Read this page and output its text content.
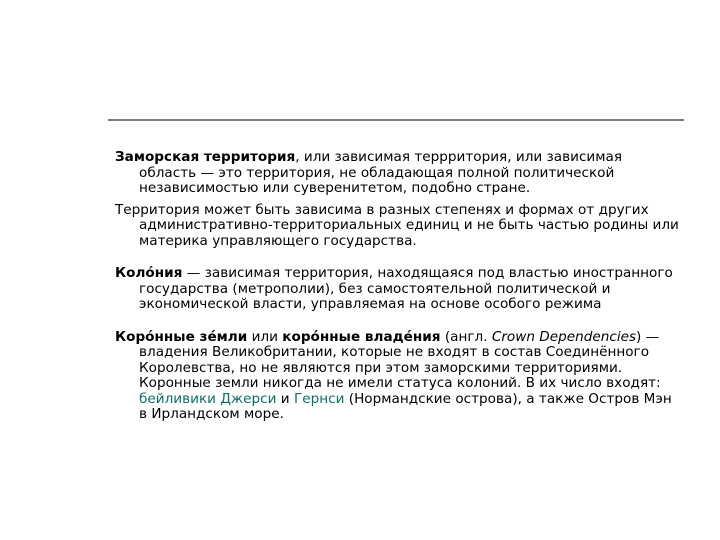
Заморская территория, или зависимая террритория, или зависимая область — это территория, не обладающая полной политической независимостью или суверенитетом, подобно стране.

Территория может быть зависима в разных степенях и формах от других административно-территориальных единиц и не быть частью родины или материка управляющего государства.

Коло́ния — зависимая территория, находящаяся под властью иностранного государства (метрополии), без самостоятельной политической и экономической власти, управляемая на основе особого режима

Коро́нные зе́мли или коро́нные владе́ния (англ. Crown Dependencies) — владения Великобритании, которые не входят в состав Соединённого Королевства, но не являются при этом заморскими территориями. Коронные земли никогда не имели статуса колоний. В их число входят: бейливики Джерси и Гернси (Нормандские острова), а также Остров Мэн в Ирландском море.
